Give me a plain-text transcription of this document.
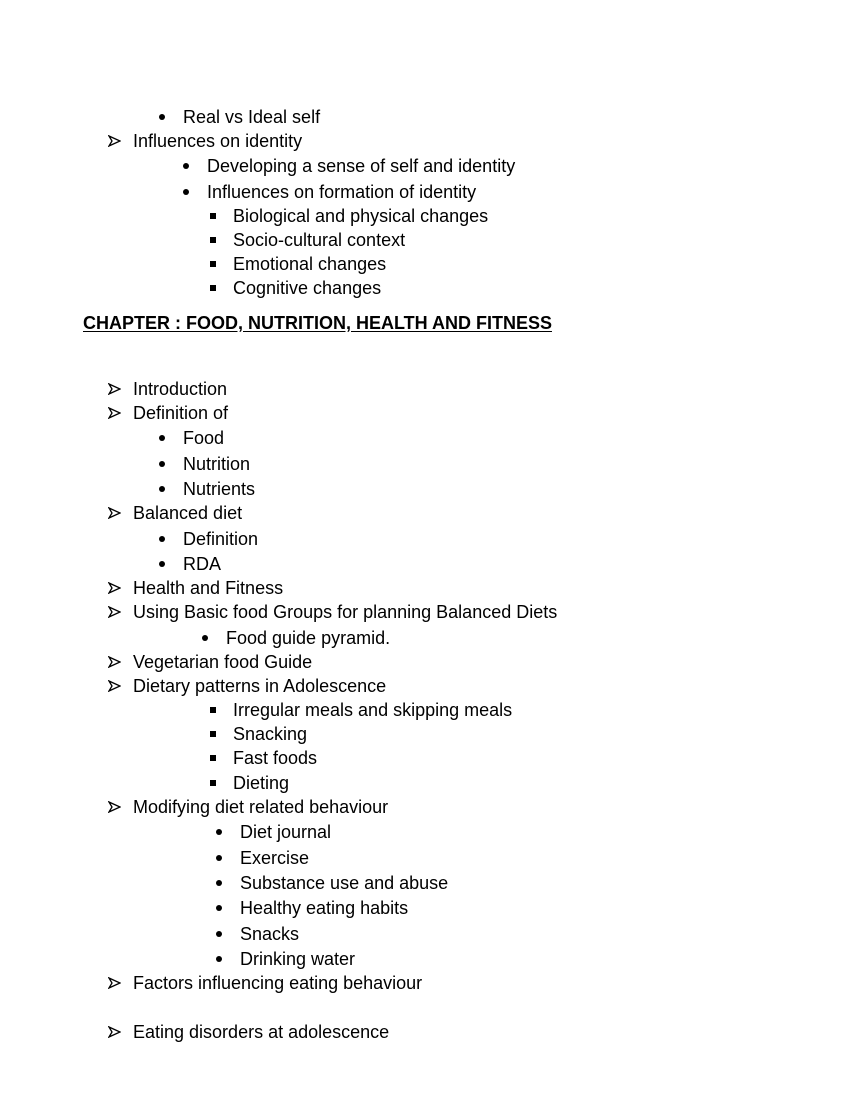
CHAPTER : FOOD, NUTRITION, HEALTH AND FITNESS
Real vs Ideal self
Influences on identity
Developing a sense of self and identity
Influences on formation of identity
Biological and physical changes
Socio-cultural context
Emotional changes
Cognitive changes
Introduction
Definition of
Food
Nutrition
Nutrients
Balanced diet
Definition
RDA
Health and Fitness
Using Basic food Groups for planning Balanced Diets
Food guide pyramid.
Vegetarian food Guide
Dietary patterns in Adolescence
Irregular meals and skipping meals
Snacking
Fast foods
Dieting
Modifying diet related behaviour
Diet journal
Exercise
Substance use and abuse
Healthy eating habits
Snacks
Drinking water
Factors influencing eating behaviour
Eating disorders at adolescence
